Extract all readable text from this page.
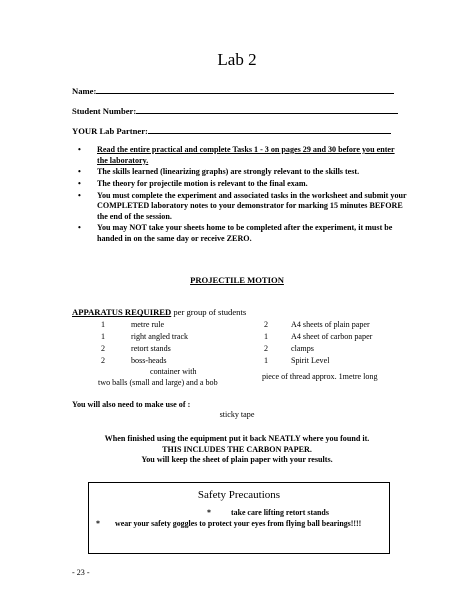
Lab 2
Name:
Student Number:
YOUR Lab Partner:
• Read the entire practical and complete Tasks 1 - 3 on pages 29 and 30 before you enter the laboratory.
• The skills learned (linearizing graphs) are strongly relevant to the skills test.
• The theory for projectile motion is relevant to the final exam.
• You must complete the experiment and associated tasks in the worksheet and submit your COMPLETED laboratory notes to your demonstrator for marking 15 minutes BEFORE the end of the session.
• You may NOT take your sheets home to be completed after the experiment, it must be handed in on the same day or receive ZERO.
PROJECTILE MOTION
APPARATUS REQUIRED per group of students
1	metre rule
1	right angled track
2	retort stands
2	boss-heads
container with
two balls (small and large) and a bob
2	A4 sheets of plain paper
1	A4 sheet of carbon paper
2	clamps
1	Spirit Level
piece of thread approx. 1metre long
You will also need to make use of :
sticky tape
When finished using the equipment put it back NEATLY where you found it.
THIS INCLUDES THE CARBON PAPER.
You will keep the sheet of plain paper with your results.
Safety Precautions
*	take care lifting retort stands
* wear your safety goggles to protect your eyes from flying ball bearings!!!!
- 23 -
